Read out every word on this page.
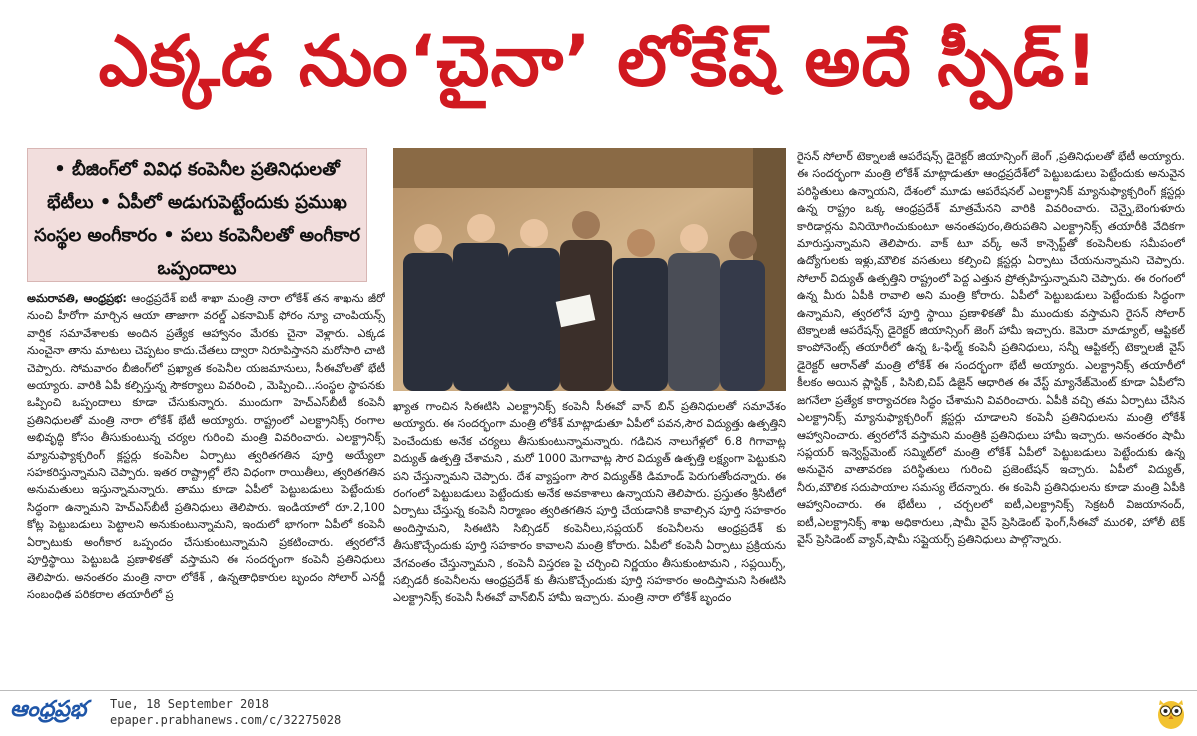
ఎక్కడ నుం‘చైనా’ లోకేష్ అదే స్పీడ్!
• బీజింగ్‌లో వివిధ కంపెనీల ప్రతినిధులతో భేటీలు • ఏపీలో అడుగుపెట్టేందుకు ప్రముఖ సంస్థల అంగీకారం • పలు కంపెనీలతో అంగీకార ఒప్పందాలు

అమరావతి, ఆంధ్రప్రభ: ఆంధ్రప్రదేశ్ ఐటీ శాఖా మంత్రి నారా లోకేశ్ తన శాఖను జీరో నుంచి హీరోగా మార్చిన ఆయా తాజాగా వరల్డ్ ఎకనామిక్ ఫోరం న్యూ చాంపియన్స్ వార్షిక సమావేశాలకు అందిన ప్రత్యేక ఆహ్వానం మేరకు చైనా వెళ్లారు. ఎక్కడ నుంచైనా తాను మాటలు చెప్పటం కాదు.చేతలు ద్వారా నిరూపిస్తానని మరోసారి చాటి చెప్పారు. సోమవారం బీజింగ్‌లో ప్రఖ్యాత కంపెనీల యజమానులు, సీఈవోలతో భేటీ అయ్యారు. వారికి ఏపీ కల్పిస్తున్న సౌకర్యాలు వివరించి , మెప్పించి...సంస్థల స్థాపనకు ఒప్పించి ఒప్పందాలు కూడా చేసుకున్నారు. ముందుగా హెచ్ఎస్‌బీటీ కంపెనీ ప్రతినిధులతో మంత్రి నారా లోకేశ్ భేటీ అయ్యారు. రాష్ట్రంలో ఎలక్ట్రానిక్స్ రంగాల అభివృద్ధి కోసం తీసుకుంటున్న చర్యల గురించి మంత్రి వివరించారు. ఎలక్ట్రానిక్స్ మ్యానుఫ్యాక్చరింగ్ క్లస్టర్లు కంపెనీల ఏర్పాటు త్వరితగతిన పూర్తి అయ్యేలా సహకరిస్తున్నామని చెప్పారు. ఇతర రాష్ట్రాల్లో లేని విధంగా రాయితీలు, త్వరితగతిన అనుమతులు ఇస్తున్నామన్నారు. తాము కూడా ఏపీలో పెట్టుబడులు పెట్టేందుకు సిద్ధంగా ఉన్నామని హెచ్ఎస్‌బీటీ ప్రతినిధులు తెలిపారు. ఇండియాలో రూ.2,100 కోట్ల పెట్టుబడులు పెట్టాలని అనుకుంటున్నామని, ఇందులో భాగంగా ఏపీలో కంపెనీ ఏర్పాటుకు అంగీకార ఒప్పందం చేసుకుంటున్నామని ప్రకటించారు. త్వరలోనే పూర్తిస్థాయి పెట్టుబడి ప్రణాళికతో వస్తామని ఈ సందర్భంగా కంపెనీ ప్రతినిధులు తెలిపారు. అనంతరం మంత్రి నారా లోకేశ్ , ఉన్నతాధికారుల బృందం సోలార్ ఎనర్జీ సంబంధిత పరికరాల తయారీలో ప్ర

ఖ్యాత గాంచిన సిఈటిసి ఎలక్ట్రానిక్స్ కంపెనీ సీఈవో వాన్ బిన్ ప్రతినిధులతో సమావేశం అయ్యారు. ఈ సందర్భంగా మంత్రి లోకేశ్ మాట్లాడుతూ ఏపీలో పవన,సౌర విద్యుత్తు ఉత్పత్తిని పెంచేందుకు అనేక చర్యలు తీసుకుంటున్నామన్నారు. గడిచిన నాలుగేళ్లలో 6.8 గిగావాట్ల విద్యుత్ ఉత్పత్తి చేశామని , మరో 1000 మెగావాట్ల సౌర విద్యుత్ ఉత్పత్తి లక్ష్యంగా పెట్టుకుని పని చేస్తున్నామని చెప్పారు. దేశ వ్యాప్తంగా సౌర విద్యుత్‌కి డిమాండ్ పెరుగుతోందన్నారు. ఈ రంగంలో పెట్టుబడులు పెట్టేందుకు అనేక అవకాశాలు ఉన్నాయని తెలిపారు. ప్రస్తుతం శ్రీసిటీలో ఏర్పాటు చేస్తున్న కంపెనీ నిర్మాణం త్వరితగతిన పూర్తి చేయడానికి కావాల్సిన పూర్తి సహకారం అందిస్తామని, సిఈటిసి సిబ్సిడర్ కంపెనీలు,సప్లయర్ కంపెనీలను ఆంధ్రప్రదేశ్ కు తీసుకొచ్చేందుకు పూర్తి సహకారం కావాలని మంత్రి కోరారు. ఏపీలో కంపెనీ ఏర్పాటు ప్రక్రియను వేగవంతం చేస్తున్నామని , కంపెనీ విస్తరణ పై చర్చించి నిర్ణయం తీసుకుంటామని , సప్లయిర్స్, సబ్సిడరీ కంపెనీలను ఆంధ్రప్రదేశ్ కు తీసుకొచ్చేందుకు పూర్తి సహకారం అందిస్తామని సిఈటిసి ఎలక్ట్రానిక్స్ కంపెనీ సీఈవో వాన్‌బిన్ హామీ ఇచ్చారు. మంత్రి నారా లోకేశ్ బృందం

రైసన్ సోలార్ టెక్నాలజీ ఆపరేషన్స్ డైరెక్టర్ జియాన్సింగ్ జెంగ్ ,ప్రతినిధులతో భేటీ అయ్యారు. ఈ సందర్భంగా మంత్రి లోకేశ్ మాట్లాడుతూ ఆంధ్రప్రదేశ్‌లో పెట్టుబడులు పెట్టేందుకు అనువైన పరిస్థితులు ఉన్నాయని, దేశంలో మూడు ఆపరేషనల్ ఎలక్ట్రానిక్ మ్యానుఫ్యాక్చరింగ్ క్లస్టర్లు ఉన్న రాష్ట్రం ఒక్క ఆంధ్రప్రదేశ్ మాత్రమేనని వారికి వివరించారు. చెన్నై,బెంగుళూరు కారిడార్లను వినియోగించుకుంటూ అనంతపురం,తిరుపతిని ఎలక్ట్రానిక్స్ తయారీకి వేదికగా మారుస్తున్నామని తెలిపారు. వాక్ టూ వర్క్ అనే కాన్సెప్ట్‌తో కంపెనీలకు సమీపంలో ఉద్యోగులకు ఇళ్లు,మౌలిక వసతులు కల్పించి క్లస్టర్లు ఏర్పాటు చేయనున్నామని చెప్పారు. సోలార్ విద్యుత్ ఉత్పత్తిని రాష్ట్రంలో పెద్ద ఎత్తున ప్రోత్సహిస్తున్నామని చెప్పారు. ఈ రంగంలో ఉన్న మీరు ఏపీకి రావాలి అని మంత్రి కోరారు. ఏపీలో పెట్టుబడులు పెట్టేందుకు సిద్ధంగా ఉన్నామని, త్వరలోనే పూర్తి స్థాయి ప్రణాళికతో మీ ముందుకు వస్తామని రైసన్ సోలార్ టెక్నాలజీ ఆపరేషన్స్ డైరెక్టర్ జియాన్సింగ్ జెంగ్ హామీ ఇచ్చారు. కెమెరా మాడ్యూల్, ఆప్టికల్ కాంపోనెంట్స్ తయారీలో ఉన్న ఓ-ఫిల్మ్ కంపెనీ ప్రతినిధులు, సన్నీ ఆప్టికల్స్ టెక్నాలజీ వైస్ డైరెక్టర్ ఆరాన్‌తో మంత్రి లోకేశ్ ఈ సందర్భంగా భేటీ అయ్యారు. ఎలక్ట్రానిక్స్ తయారీలో కీలకం అయిన ప్లాస్టిక్ , పిసిబి,చిప్ డిజైన్ ఆధారిత ఈ వేస్ట్ మ్యానేజ్‌మెంట్ కూడా ఏపీలోని జగనేలా ప్రత్యేక కార్యాచరణ సిద్ధం చేశామని వివరించారు. ఏపీకి వచ్చి తమ ఏర్పాటు చేసిన ఎలక్ట్రానిక్స్ మ్యానుఫ్యాక్చరింగ్ క్లస్టర్లు చూడాలని కంపెనీ ప్రతినిధులను మంత్రి లోకేశ్ ఆహ్వానించారు. త్వరలోనే వస్తామని మంత్రికి ప్రతినిధులు హామీ ఇచ్చారు. అనంతరం షామీ సప్లయర్ ఇన్వెస్ట్‌మెంట్ సమ్మిట్‌లో మంత్రి లోకేశ్ ఏపీలో పెట్టుబడులు పెట్టేందుకు ఉన్న అనువైన వాతావరణ పరిస్థితులు గురించి ప్రజెంటేషన్ ఇచ్చారు. ఏపీలో విద్యుత్, నీరు,మౌలిక సదుపాయాల సమస్య లేదన్నారు. ఈ కంపెనీ ప్రతినిధులను కూడా మంత్రి ఏపీకి ఆహ్వానించారు. ఈ భేటీలు , చర్చలలో ఐటీ,ఎలక్ట్రానిక్స్ సెక్రటరీ విజయానంద్, ఐటీ,ఎలక్ట్రానిక్స్ శాఖ అధికారులు ,షామీ వైస్ ప్రెసిడెంట్ ఫెంగ్,సీఈవో మురళి, హోలీ టెక్ వైస్ ప్రెసిడెంట్ వ్యాన్,షామీ సప్లైయర్స్ ప్రతినిధులు పాల్గొన్నారు.

ఆంధ్రప్రభ Tue, 18 September 2018
epaper.prabhanews.com/c/32275028
